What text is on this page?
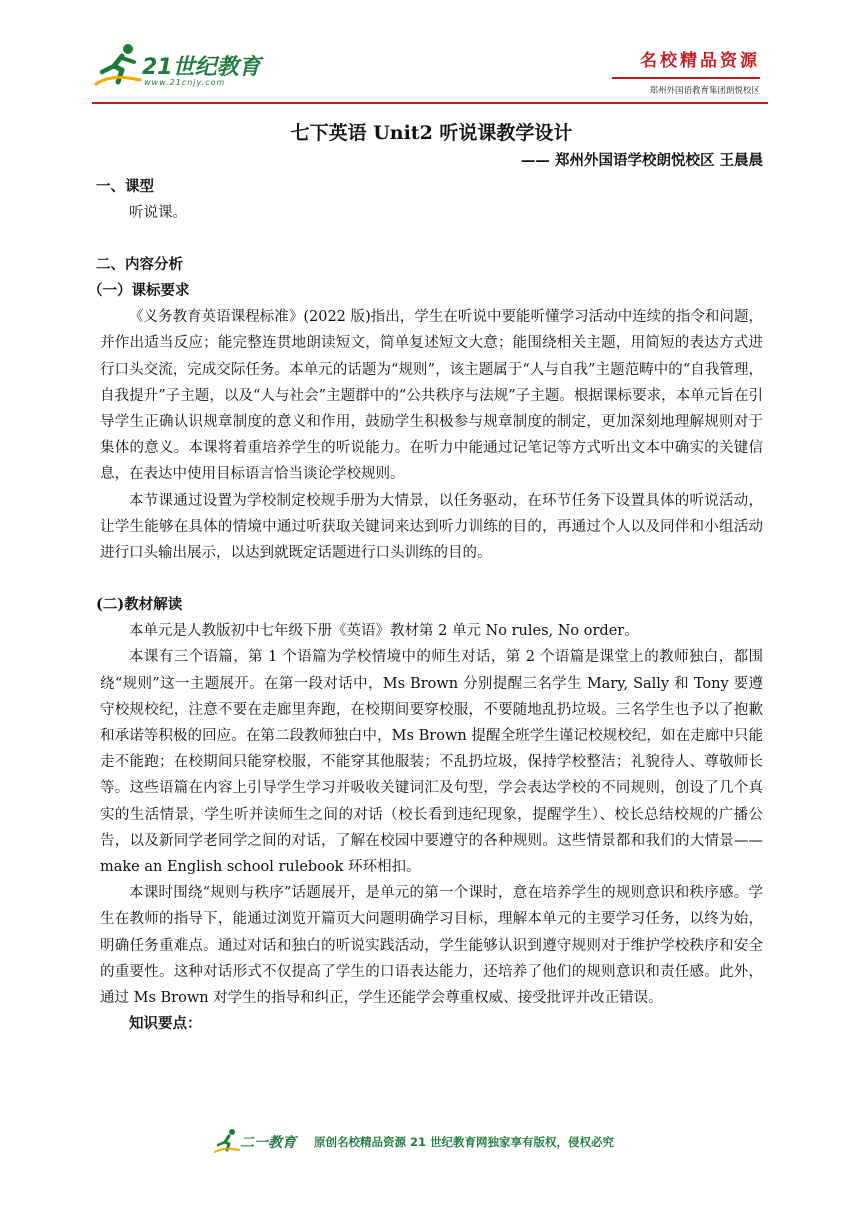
21世纪教育
www.21cnjy.com
名校精品资源
郑州外国语教育集团朗悦校区

七下英语 Unit2 听说课教学设计

—— 郑州外国语学校朗悦校区 王晨晨

一、课型

听说课。

二、内容分析

（一）课标要求

《义务教育英语课程标准》(2022 版)指出，学生在听说中要能听懂学习活动中连续的指令和问题，并作出适当反应；能完整连贯地朗读短文，简单复述短文大意；能围绕相关主题，用简短的表达方式进行口头交流，完成交际任务。本单元的话题为“规则”，该主题属于“人与自我”主题范畴中的“自我管理，自我提升”子主题，以及“人与社会”主题群中的“公共秩序与法规”子主题。根据课标要求，本单元旨在引导学生正确认识规章制度的意义和作用，鼓励学生积极参与规章制度的制定，更加深刻地理解规则对于集体的意义。本课将着重培养学生的听说能力。在听力中能通过记笔记等方式听出文本中确实的关键信息，在表达中使用目标语言恰当谈论学校规则。

本节课通过设置为学校制定校规手册为大情景，以任务驱动，在环节任务下设置具体的听说活动，让学生能够在具体的情境中通过听获取关键词来达到听力训练的目的，再通过个人以及同伴和小组活动进行口头输出展示，以达到就既定话题进行口头训练的目的。

(二)教材解读

本单元是人教版初中七年级下册《英语》教材第 2 单元 No rules, No order。

本课有三个语篇，第 1 个语篇为学校情境中的师生对话，第 2 个语篇是课堂上的教师独白，都围绕“规则”这一主题展开。在第一段对话中，Ms Brown 分别提醒三名学生 Mary, Sally 和 Tony 要遵守校规校纪，注意不要在走廊里奔跑，在校期间要穿校服，不要随地乱扔垃圾。三名学生也予以了抱歉和承诺等积极的回应。在第二段教师独白中，Ms Brown 提醒全班学生谨记校规校纪，如在走廊中只能走不能跑；在校期间只能穿校服，不能穿其他服装；不乱扔垃圾，保持学校整洁；礼貌待人、尊敬师长等。这些语篇在内容上引导学生学习并吸收关键词汇及句型，学会表达学校的不同规则，创设了几个真实的生活情景，学生听并读师生之间的对话（校长看到违纪现象，提醒学生）、校长总结校规的广播公告，以及新同学老同学之间的对话，了解在校园中要遵守的各种规则。这些情景都和我们的大情景——make an English school rulebook 环环相扣。

本课时围绕“规则与秩序”话题展开，是单元的第一个课时，意在培养学生的规则意识和秩序感。学生在教师的指导下，能通过浏览开篇页大问题明确学习目标，理解本单元的主要学习任务，以终为始，明确任务重难点。通过对话和独白的听说实践活动，学生能够认识到遵守规则对于维护学校秩序和安全的重要性。这种对话形式不仅提高了学生的口语表达能力，还培养了他们的规则意识和责任感。此外，通过 Ms Brown 对学生的指导和纠正，学生还能学会尊重权威、接受批评并改正错误。

知识要点：

二一教育 原创名校精品资源 21 世纪教育网独家享有版权，侵权必究
